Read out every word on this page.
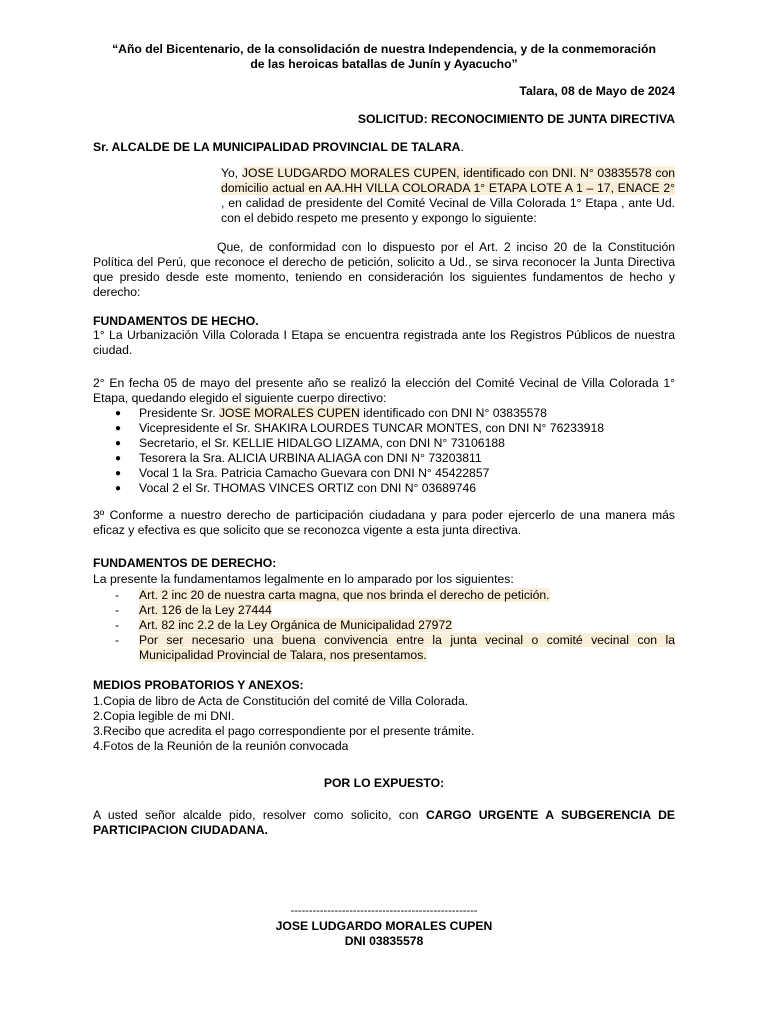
“Año del Bicentenario, de la consolidación de nuestra Independencia, y de la conmemoración

de las heroicas batallas de Junín y Ayacucho”

Talara, 08 de Mayo de 2024

SOLICITUD: RECONOCIMIENTO DE JUNTA DIRECTIVA

Sr. ALCALDE DE LA MUNICIPALIDAD PROVINCIAL DE TALARA.

Yo, JOSE LUDGARDO MORALES CUPEN, identificado con DNI. N° 03835578 con domicilio actual en AA.HH VILLA COLORADA 1° ETAPA LOTE A 1 – 17, ENACE 2° , en calidad de presidente del Comité Vecinal de Villa Colorada 1° Etapa , ante Ud. con el debido respeto me presento y expongo lo siguiente:

Que, de conformidad con lo dispuesto por el Art. 2 inciso 20 de la Constitución Política del Perú, que reconoce el derecho de petición, solicito a Ud., se sirva reconocer la Junta Directiva que presido desde este momento, teniendo en consideración los siguientes fundamentos de hecho y derecho:

FUNDAMENTOS DE HECHO.

1° La Urbanización Villa Colorada I Etapa se encuentra registrada ante los Registros Públicos de nuestra ciudad.

2° En fecha 05 de mayo del presente año se realizó la elección del Comité Vecinal de Villa Colorada 1° Etapa, quedando elegido el siguiente cuerpo directivo:

● Presidente Sr. JOSE MORALES CUPEN identificado con DNI N° 03835578
● Vicepresidente el Sr. SHAKIRA LOURDES TUNCAR MONTES, con DNI N° 76233918
● Secretario, el Sr. KELLIE HIDALGO LIZAMA, con DNI N° 73106188
● Tesorera la Sra. ALICIA URBINA ALIAGA con DNI N° 73203811
● Vocal 1 la Sra. Patricia Camacho Guevara con DNI N° 45422857
● Vocal 2 el Sr. THOMAS VINCES ORTIZ con DNI N° 03689746

3º Conforme a nuestro derecho de participación ciudadana y para poder ejercerlo de una manera más eficaz y efectiva es que solicito que se reconozca vigente a esta junta directiva.

FUNDAMENTOS DE DERECHO:

La presente la fundamentamos legalmente en lo amparado por los siguientes:

- Art. 2 inc 20 de nuestra carta magna, que nos brinda el derecho de petición.
- Art. 126 de la Ley 27444
- Art. 82 inc 2.2 de la Ley Orgánica de Municipalidad 27972
- Por ser necesario una buena convivencia entre la junta vecinal o comité vecinal con la Municipalidad Provincial de Talara, nos presentamos.

MEDIOS PROBATORIOS Y ANEXOS:

1.Copia de libro de Acta de Constitución del comité de Villa Colorada.

2.Copia legible de mi DNI.

3.Recibo que acredita el pago correspondiente por el presente trámite.

4.Fotos de la Reunión de la reunión convocada

POR LO EXPUESTO:

A usted señor alcalde pido, resolver como solicito, con CARGO URGENTE A SUBGERENCIA DE PARTICIPACION CIUDADANA.

---------------------------------------------------

JOSE LUDGARDO MORALES CUPEN

DNI 03835578
